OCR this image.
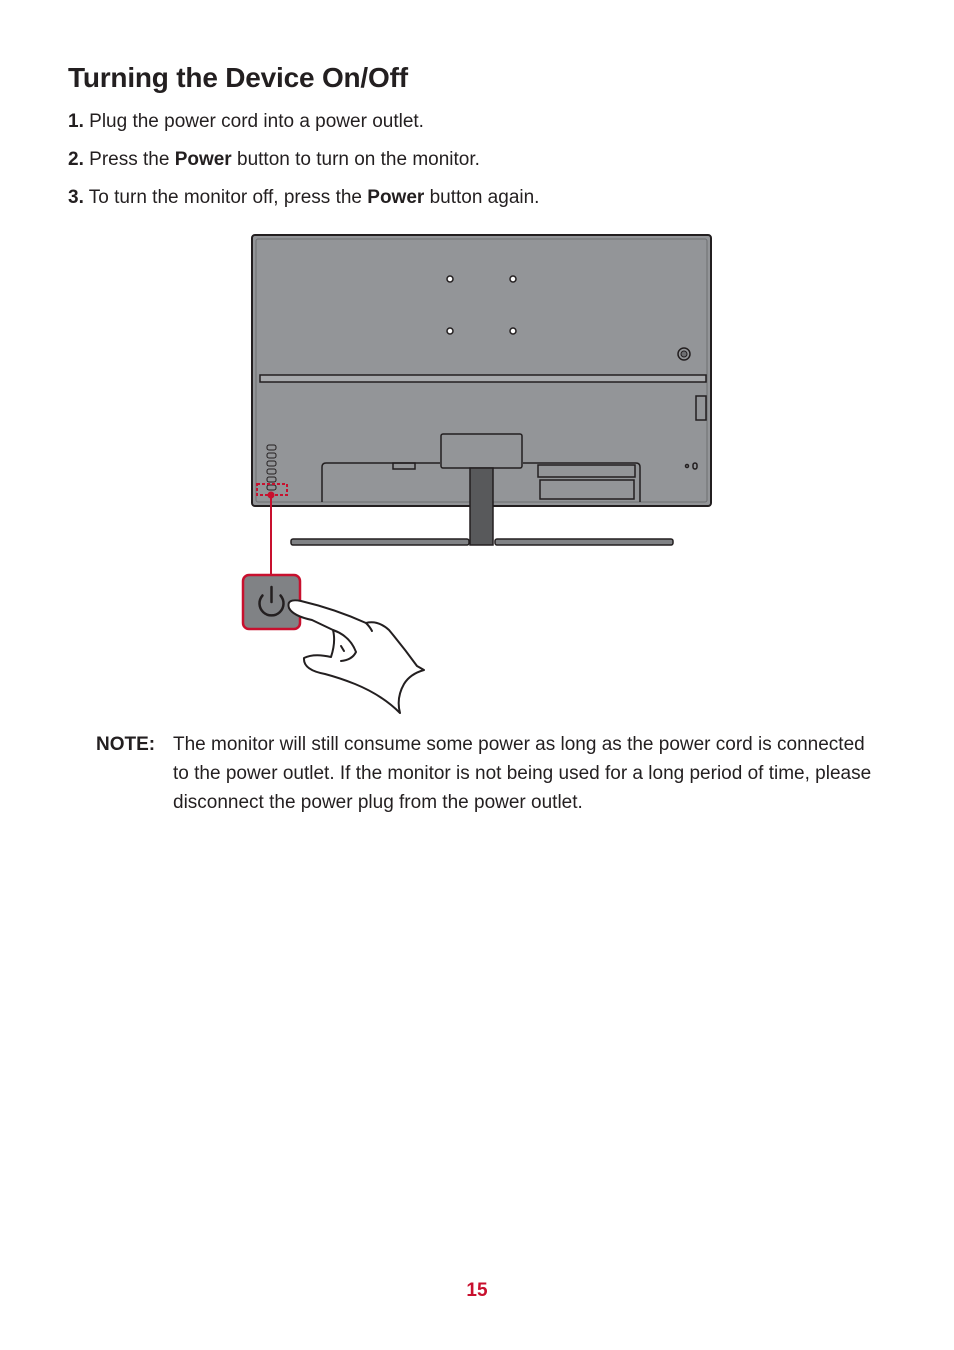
Turning the Device On/Off

1. Plug the power cord into a power outlet.

2. Press the Power button to turn on the monitor.

3. To turn the monitor off, press the Power button again.

NOTE: The monitor will still consume some power as long as the power cord is connected to the power outlet. If the monitor is not being used for a long period of time, please disconnect the power plug from the power outlet.

15
